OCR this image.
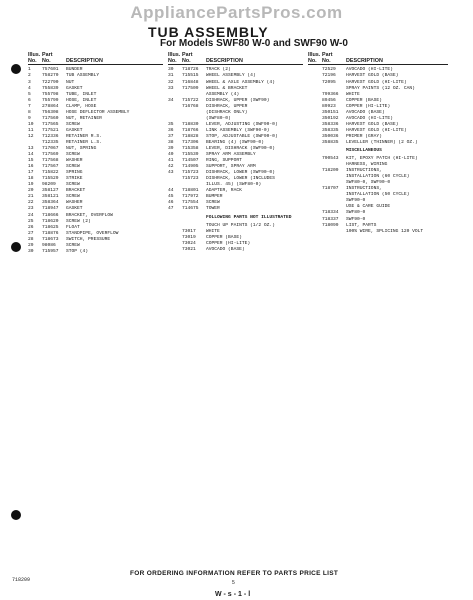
AppliancePartsPros.com
TUB ASSEMBLY
For Models SWF80 W-0 and SWF90 W-0
Illus. Part
No. No.	DESCRIPTION
1	757601	BUNDER
2	758270	TUB ASSEMBLY
3	722790	NUT
4	755839	GASKET
5	755798	TUBE, INLET
6	755799	HOSE, INLET
7	278864	CLAMP, HOSE
8	756308	HOSE DEFLECTOR ASSEMBLY
9	717560	NUT, RETAINER
10	717565	SCREW
11	717521	GASKET
12	712336	RETAINER R.S.
712335	RETAINER L.S.
13	717067	NUT, SPRING
14	717569	SCREW
15	717568	WASHER
16	717567	SCREW
17	715822	SPRING
18	715529	STRIKE
19	98209	SCREW
20	358127	BRACKET
21	358121	SCREW
22	358364	WASHER
23	718947	GASKET
24	718666	BRACKET, OVERFLOW
25	718620	SCREW (2)
26	718625	FLOAT
27	718876	STANDPIPE, OVERFLOW
28	718673	SWITCH, PRESSURE
29	98086	SCREW
30	715957	STOP (4)
Illus. Part
No. No.	DESCRIPTION
30	718726	TRACK (2)
31	715515	WHEEL ASSEMBLY (4)
32	716848	WHEEL & AXLE ASSEMBLY (4)
33	717509	WHEEL & BRACKET
ASSEMBLY (4)
34	715722	DISHRACK, UPPER (SWF90)
716768	DISHRACK, UPPER
(DISHRACK ONLY)
(SWF80-0)
35	718830	LEVER, ADJUSTING (SWF90-0)
36	718766	LINK ASSEMBLY (SWF90-0)
37	718828	STOP, ADJUSTABLE (SWF90-0)
38	717306	BEARING (4) (SWF90-0)
39	715358	LEVER, DISHRACK (SWF90-0)
40	715539	SPRAY ARM ASSEMBLY
41	714507	RING, SUPPORT
42	714905	SUPPORT, SPRAY ARM
43	715723	DISHRACK, LOWER (SWF90-0)
715723	DISHRACK, LOWER (INCLUDES
ILLUS. 45) (SWF80-0)
44	718801	ADAPTER, RACK
45	717972	BUMPER
46	717554	SCREW
47	714675	TOWER
FOLLOWING PARTS NOT ILLUSTRATED
TOUCH UP PAINTS (1/2 OZ.)
73017	WHITE
73019	COPPER (BASE)
73024	COPPER (HI-LITE)
73021	AVOCADO (BASE)
Illus. Part
No. No.	DESCRIPTION
72529	AVOCADO (HI-LITE)
72196	HARVEST GOLD (BASE)
72095	HARVEST GOLD (HI-LITE)
SPRAY PAINTS (12 OZ. CAN)
799366	WHITE
89456	COPPER (BASE)
89923	COPPER (HI-LITE)
350151	AVOCADO (BASE)
350192	AVOCADO (HI-LITE)
358336	HARVEST GOLD (BASE)
358335	HARVEST GOLD (HI-LITE)
350036	PRIMER (GRAY)
358835	LEVELLER (THINNER) (2 OZ.)
MISCELLANEOUS
790543	KIT, EPOXY PATCH (HI-LITE)
HARNESS, WIRING
718209	INSTRUCTIONS,
INSTALLATION (60 CYCLE)
SWF80-0, SWF90-0
718707	INSTRUCTIONS,
INSTALLATION (50 CYCLE)
SWF90-0
USE & CARE GUIDE
718334	SWF80-0
718337	SWF90-0
718099	LIST, PARTS
100% WIRE, SPLICING 120 VOLT
718209
FOR ORDERING INFORMATION REFER TO PARTS PRICE LIST
5
W-s-1-l
